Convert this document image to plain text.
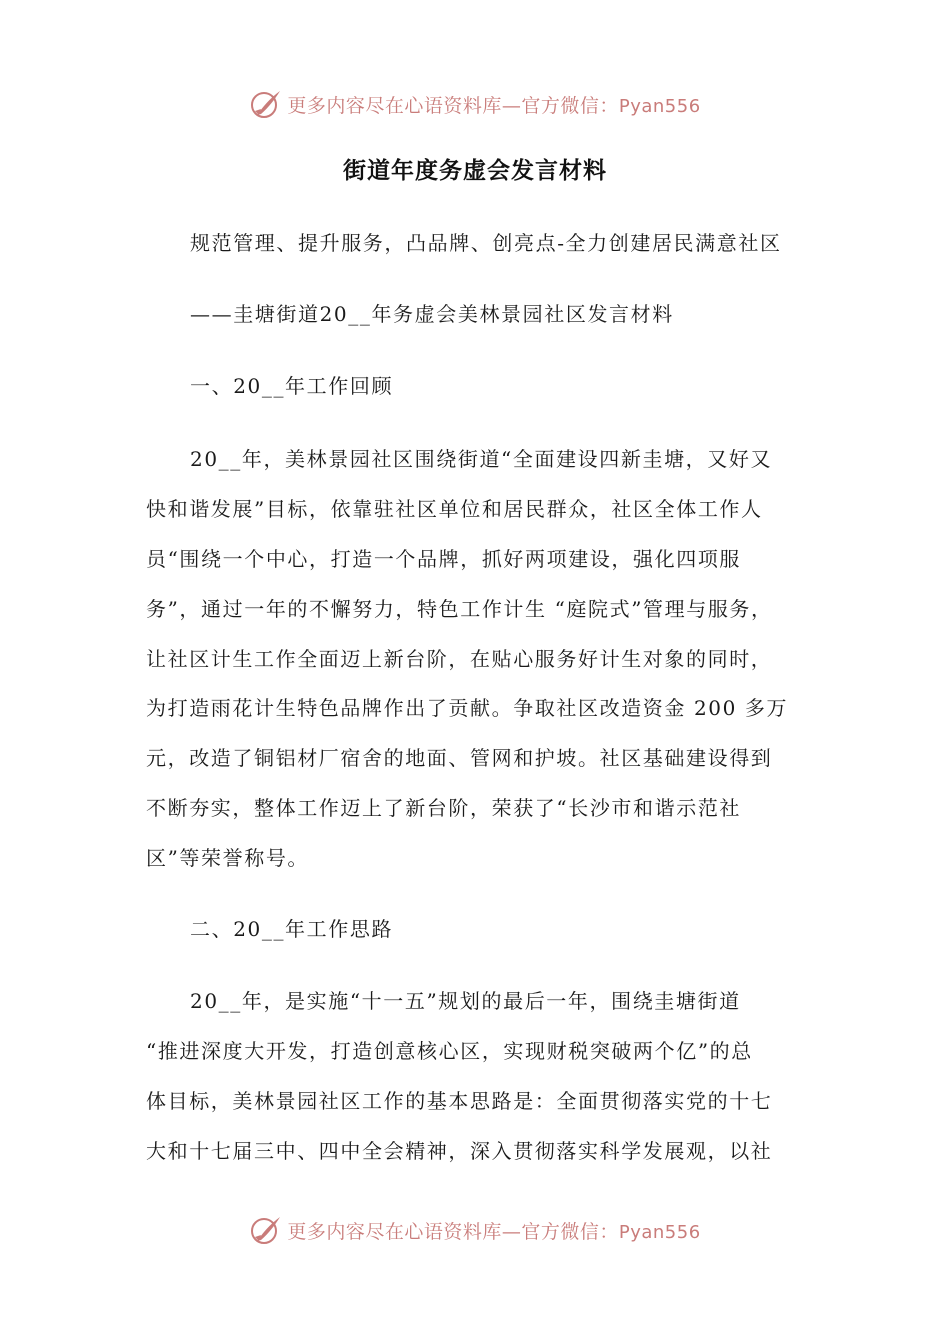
更多内容尽在心语资料库—官方微信：Pyan556
街道年度务虚会发言材料
规范管理、提升服务，凸品牌、创亮点-全力创建居民满意社区
——圭塘街道20__年务虚会美林景园社区发言材料
一、20__年工作回顾
20__年，美林景园社区围绕街道“全面建设四新圭塘，又好又
快和谐发展”目标，依靠驻社区单位和居民群众，社区全体工作人
员“围绕一个中心，打造一个品牌，抓好两项建设，强化四项服
务”，通过一年的不懈努力，特色工作计生 “庭院式”管理与服务，
让社区计生工作全面迈上新台阶，在贴心服务好计生对象的同时，
为打造雨花计生特色品牌作出了贡献。争取社区改造资金 200 多万
元，改造了铜铝材厂宿舍的地面、管网和护坡。社区基础建设得到
不断夯实，整体工作迈上了新台阶，荣获了“长沙市和谐示范社
区”等荣誉称号。
二、20__年工作思路
20__年，是实施“十一五”规划的最后一年，围绕圭塘街道
“推进深度大开发，打造创意核心区，实现财税突破两个亿”的总
体目标，美林景园社区工作的基本思路是：全面贯彻落实党的十七
大和十七届三中、四中全会精神，深入贯彻落实科学发展观，以社
更多内容尽在心语资料库—官方微信：Pyan556
